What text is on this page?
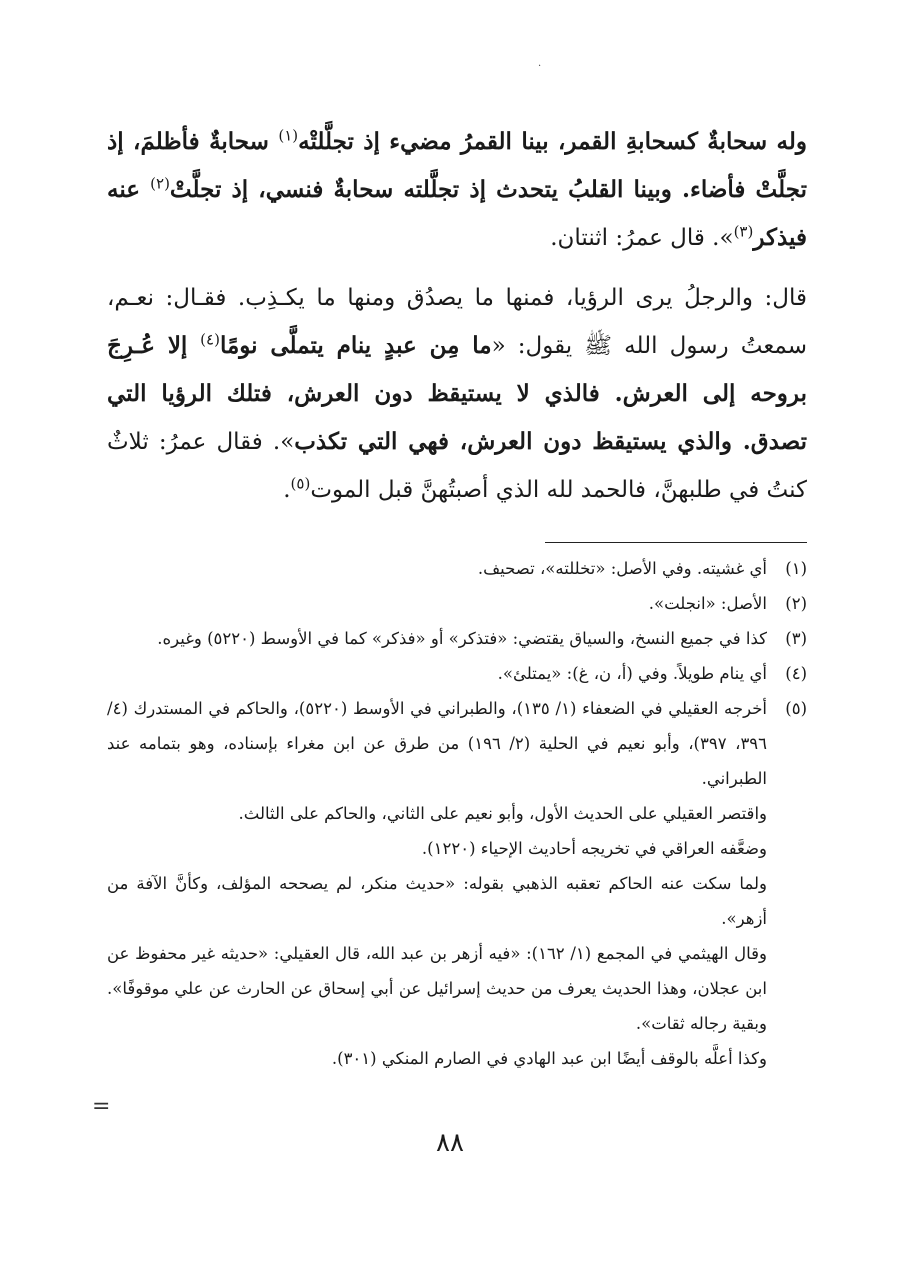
.

وله سحابةٌ كسحابةِ القمر، بينا القمرُ مضيء إذ تجلَّلتْه$^{(١)}$ سحابةٌ فأظلمَ، إذ تجلَّتْ فأضاء. وبينا القلبُ يتحدث إذ تجلَّلته سحابةٌ فنسي، إذ تجلَّتْ$^{(٢)}$ عنه فيذكر$^{(٣)}$». قال عمرُ: اثنتان.

قال: والرجلُ يرى الرؤيا، فمنها ما يصدُق ومنها ما يكـذِب. فقـال: نعـم، سمعتُ رسول الله ﷺ يقول: «ما مِن عبدٍ ينام يتملَّى نومًا$^{(٤)}$ إلا عُـرِجَ بروحه إلى العرش. فالذي لا يستيقظ دون العرش، فتلك الرؤيا التي تصدق. والذي يستيقظ دون العرش، فهي التي تكذب». فقال عمرُ: ثلاثٌ كنتُ في طلبهنَّ، فالحمد لله الذي أصبتُهنَّ قبل الموت$^{(٥)}$.

(١)
أي غشيته. وفي الأصل: «تخللته»، تصحيف.
(٢)
الأصل: «انجلت».
(٣)
كذا في جميع النسخ، والسياق يقتضي: «فتذكر» أو «فذكر» كما في الأوسط (٥٢٢٠) وغيره.
(٤)
أي ينام طويلاً. وفي (أ، ن، غ): «يمتلئ».
(٥)
أخرجه العقيلي في الضعفاء (١/ ١٣٥)، والطبراني في الأوسط (٥٢٢٠)، والحاكم في المستدرك (٤/ ٣٩٦، ٣٩٧)، وأبو نعيم في الحلية (٢/ ١٩٦) من طرق عن ابن مغراء بإسناده، وهو بتمامه عند الطبراني.
واقتصر العقيلي على الحديث الأول، وأبو نعيم على الثاني، والحاكم على الثالث.
وضعَّفه العراقي في تخريجه أحاديث الإحياء (١٢٢٠).
ولما سكت عنه الحاكم تعقبه الذهبي بقوله: «حديث منكر، لم يصححه المؤلف، وكأنَّ الآفة من أزهر».
وقال الهيثمي في المجمع (١/ ١٦٢): «فيه أزهر بن عبد الله، قال العقيلي: «حديثه غير محفوظ عن ابن عجلان، وهذا الحديث يعرف من حديث إسرائيل عن أبي إسحاق عن الحارث عن علي موقوفًا». وبقية رجاله ثقات».
وكذا أعلَّه بالوقف أيضًا ابن عبد الهادي في الصارم المنكي (٣٠١).
=
٨٨
